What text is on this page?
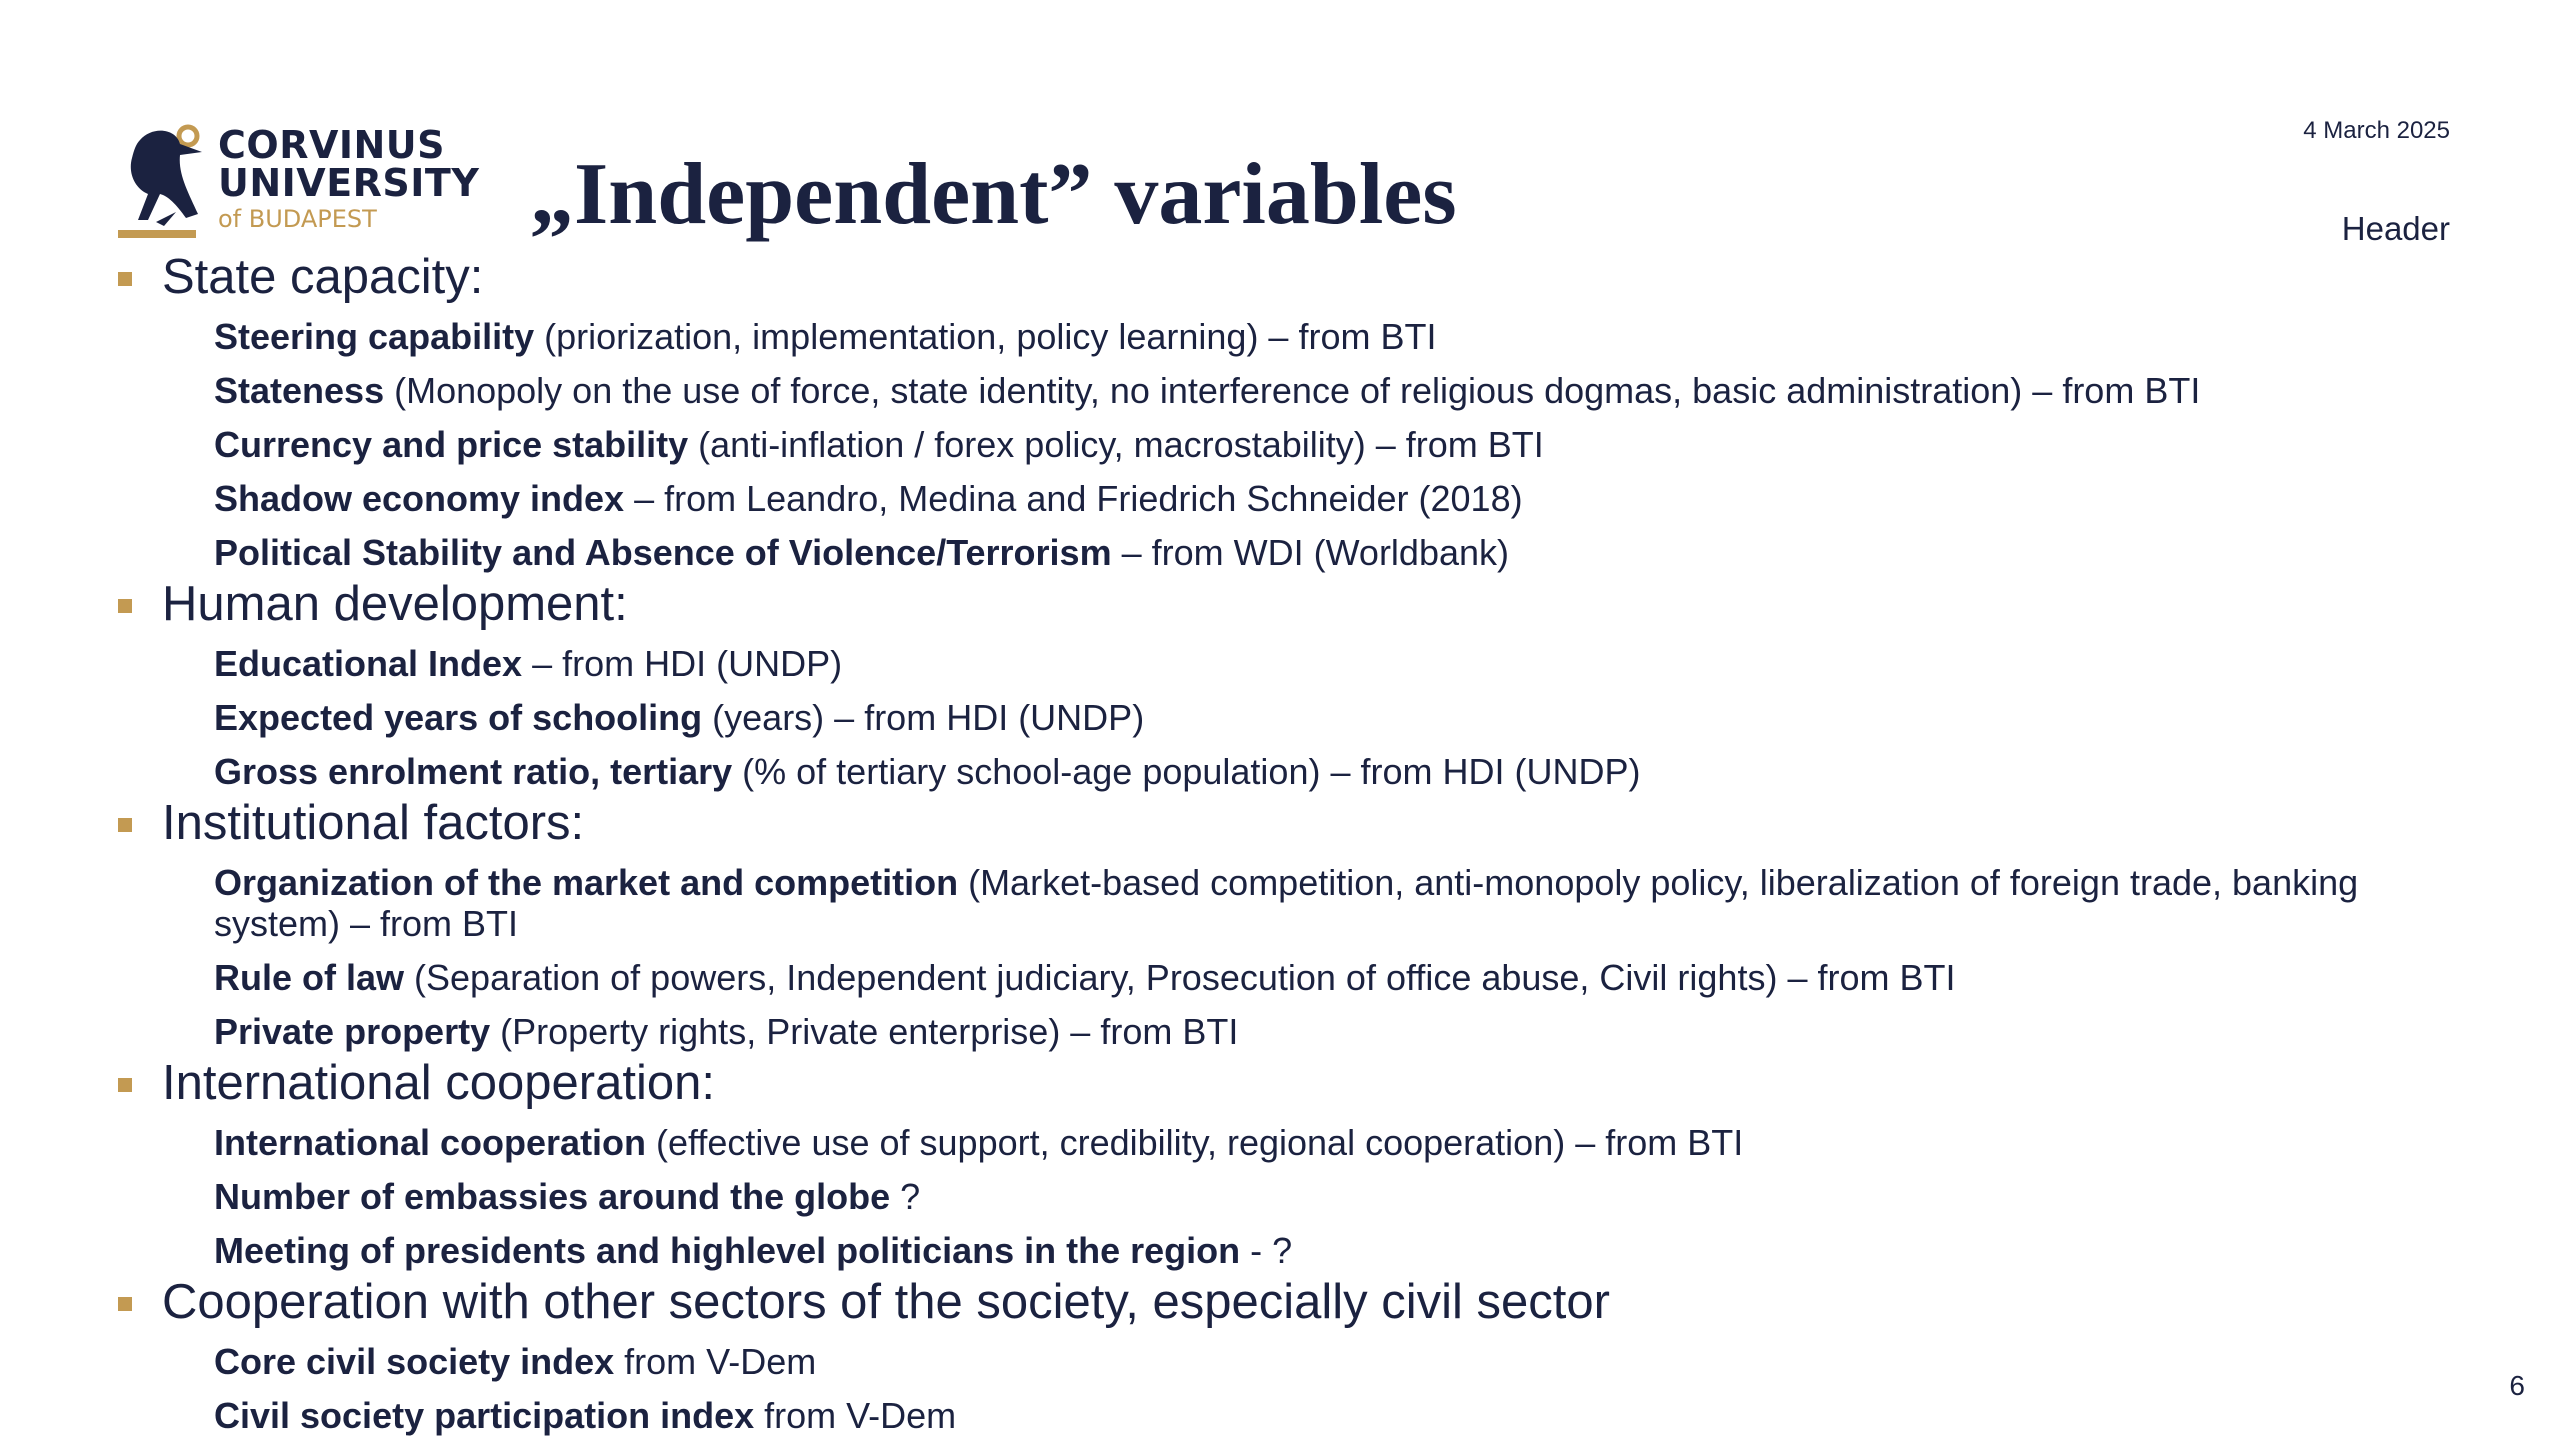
CORVINUS
UNIVERSITY
of BUDAPEST	„Independent” variables
4 March 2025
Header
6
State capacity:
Steering capability (priorization, implementation, policy learning) – from BTI
Stateness (Monopoly on the use of force, state identity, no interference of religious dogmas, basic administration) – from BTI
Currency and price stability (anti-inflation / forex policy, macrostability) – from BTI
Shadow economy index – from Leandro, Medina and Friedrich Schneider (2018)
Political Stability and Absence of Violence/Terrorism – from WDI (Worldbank)
Human development:
Educational Index – from HDI (UNDP)
Expected years of schooling (years) – from HDI (UNDP)
Gross enrolment ratio, tertiary (% of tertiary school-age population) – from HDI (UNDP)
Institutional factors:
Organization of the market and competition (Market-based competition, anti-monopoly policy, liberalization of foreign trade, banking system) – from BTI
Rule of law (Separation of powers, Independent judiciary, Prosecution of office abuse, Civil rights) – from BTI
Private property (Property rights, Private enterprise) – from BTI
International cooperation:
International cooperation (effective use of support, credibility, regional cooperation) – from BTI
Number of embassies around the globe ?
Meeting of presidents and highlevel politicians in the region - ?
Cooperation with other sectors of the society, especially civil sector
Core civil society index from V-Dem
Civil society participation index from V-Dem
